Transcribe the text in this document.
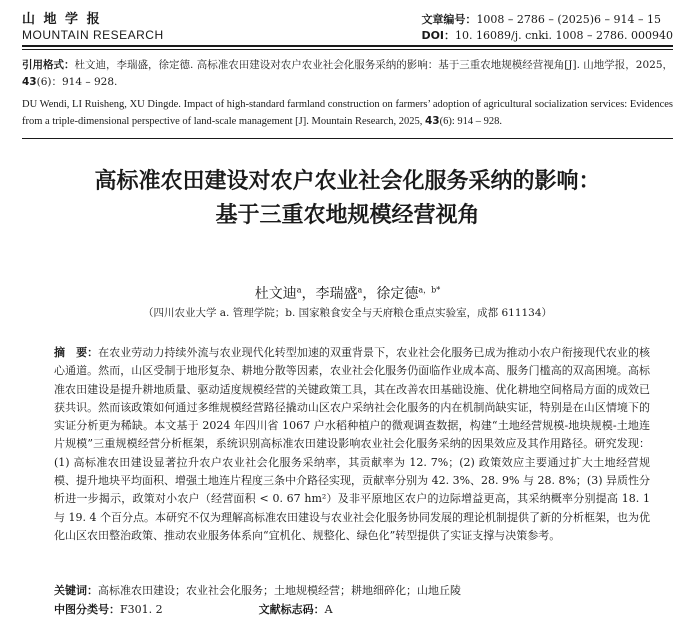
山 地 学 报
MOUNTAIN RESEARCH
文章编号：1008 – 2786 – (2025)6 – 914 – 15
DOI：10. 16089/j. cnki. 1008 – 2786. 000940
引用格式：杜文迪，李瑞盛，徐定德. 高标准农田建设对农户农业社会化服务采纳的影响：基于三重农地规模经营视角[J]. 山地学报，2025，43(6)：914 – 928.
DU Wendi, LI Ruisheng, XU Dingde. Impact of high-standard farmland construction on farmers’ adoption of agricultural socialization services: Evidences from a triple-dimensional perspective of land-scale management [J]. Mountain Research, 2025, 43(6): 914 – 928.
高标准农田建设对农户农业社会化服务采纳的影响：
基于三重农地规模经营视角
杜文迪$^a$，李瑞盛$^a$，徐定德$^{a,b*}$
（四川农业大学 a. 管理学院；b. 国家粮食安全与天府粮仓重点实验室，成都 611134）
摘　要：在农业劳动力持续外流与农业现代化转型加速的双重背景下，农业社会化服务已成为推动小农户衔接现代农业的核心通道。然而，山区受制于地形复杂、耕地分散等因素，农业社会化服务仍面临作业成本高、服务门槛高的双高困境。高标准农田建设是提升耕地质量、驱动适度规模经营的关键政策工具，其在改善农田基础设施、优化耕地空间格局方面的成效已获共识。然而该政策如何通过多维规模经营路径撬动山区农户采纳社会化服务的内在机制尚缺实证，特别是在山区情境下的实证分析更为稀缺。本文基于 2024 年四川省 1067 户水稻种植户的微观调查数据，构建“土地经营规模-地块规模-土地连片规模”三重规模经营分析框架，系统识别高标准农田建设影响农业社会化服务采纳的因果效应及其作用路径。研究发现：(1) 高标准农田建设显著拉升农户农业社会化服务采纳率，其贡献率为 12. 7%；(2) 政策效应主要通过扩大土地经营规模、提升地块平均面积、增强土地连片程度三条中介路径实现，贡献率分别为 42. 3%、28. 9% 与 28. 8%；(3) 异质性分析进一步揭示，政策对小农户（经营面积 < 0. 67 hm²）及非平原地区农户的边际增益更高，其采纳概率分别提高 18. 1 与 19. 4 个百分点。本研究不仅为理解高标准农田建设与农业社会化服务协同发展的理论机制提供了新的分析框架，也为优化山区农田整治政策、推动农业服务体系向“宜机化、规整化、绿色化”转型提供了实证支撑与决策参考。
关键词：高标准农田建设；农业社会化服务；土地规模经营；耕地细碎化；山地丘陵
中图分类号：F301. 2	文献标志码：A
